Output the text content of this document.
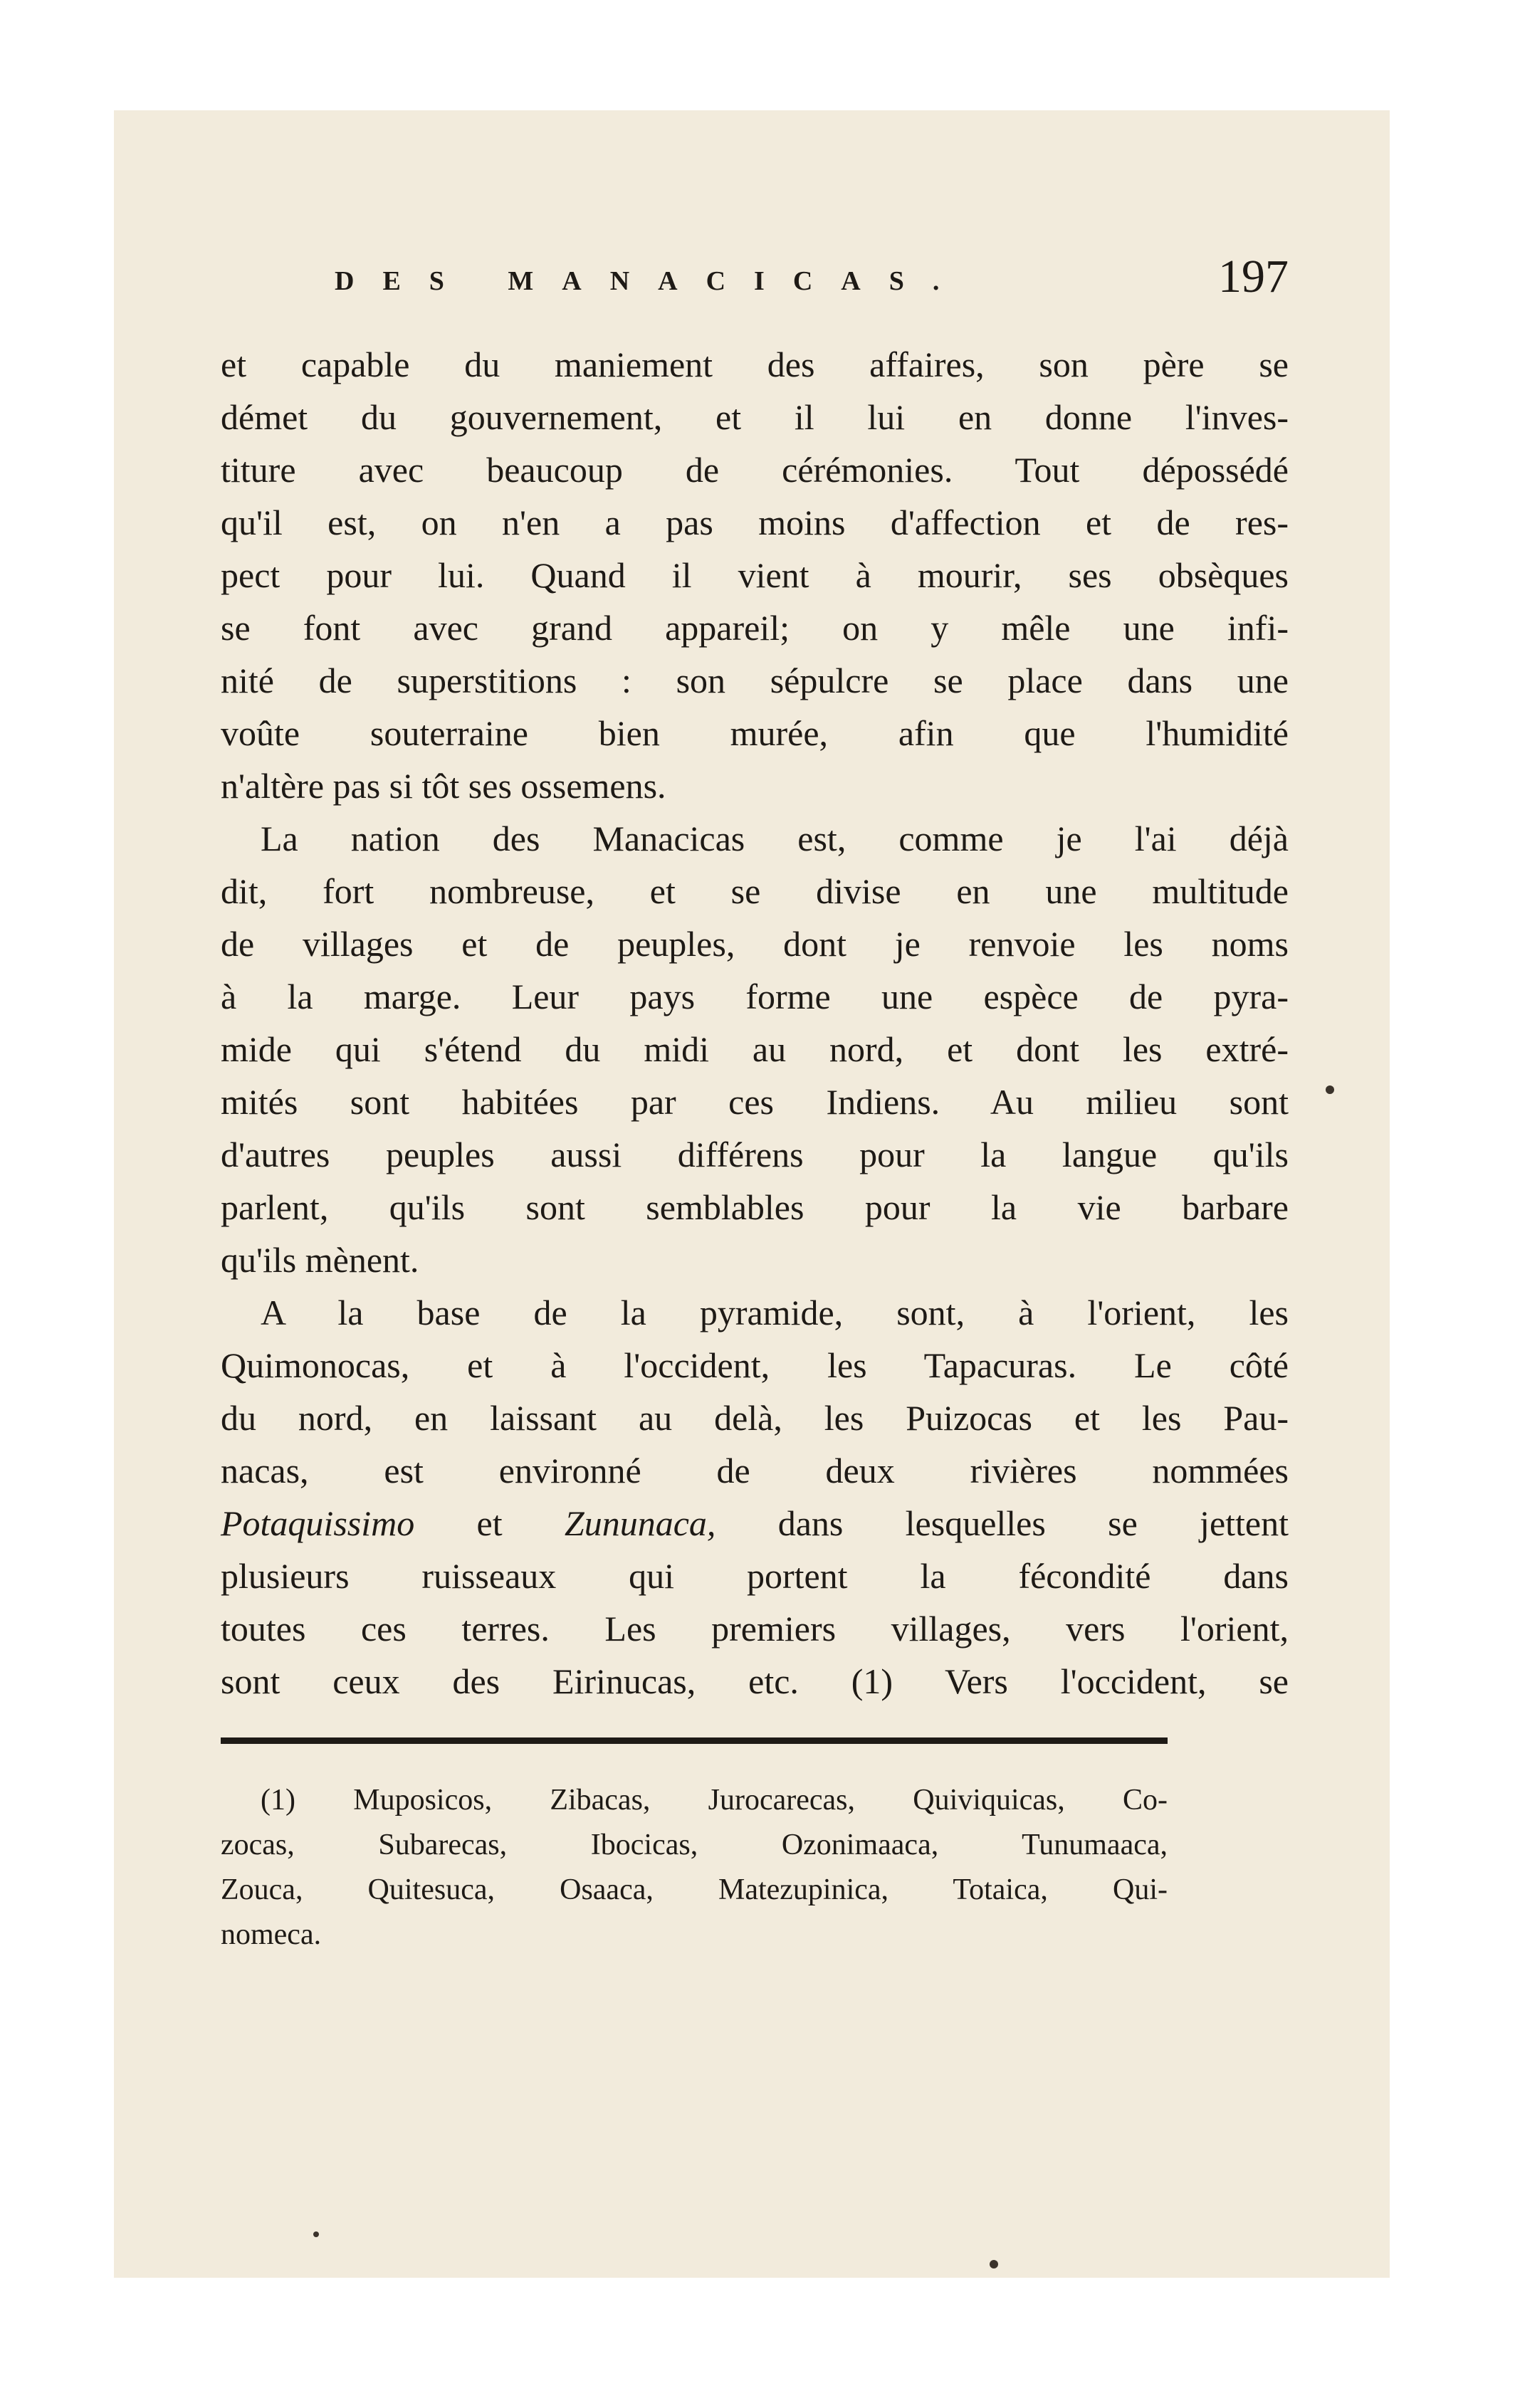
DES MANACICAS.	197

et capable du maniement des affaires, son père se
démet du gouvernement, et il lui en donne l'inves-
titure avec beaucoup de cérémonies. Tout dépossédé
qu'il est, on n'en a pas moins d'affection et de res-
pect pour lui. Quand il vient à mourir, ses obsèques
se font avec grand appareil; on y mêle une infi-
nité de superstitions : son sépulcre se place dans une
voûte souterraine bien murée, afin que l'humidité
n'altère pas si tôt ses ossemens.

La nation des Manacicas est, comme je l'ai déjà
dit, fort nombreuse, et se divise en une multitude
de villages et de peuples, dont je renvoie les noms
à la marge. Leur pays forme une espèce de pyra-
mide qui s'étend du midi au nord, et dont les extré-
mités sont habitées par ces Indiens. Au milieu sont
d'autres peuples aussi différens pour la langue qu'ils
parlent, qu'ils sont semblables pour la vie barbare
qu'ils mènent.

A la base de la pyramide, sont, à l'orient, les
Quimonocas, et à l'occident, les Tapacuras. Le côté
du nord, en laissant au delà, les Puizocas et les Pau-
nacas, est environné de deux rivières nommées
Potaquissimo et Zununaca, dans lesquelles se jettent
plusieurs ruisseaux qui portent la fécondité dans
toutes ces terres. Les premiers villages, vers l'orient,
sont ceux des Eirinucas, etc. (1) Vers l'occident, se

(1) Muposicos, Zibacas, Jurocarecas, Quiviquicas, Co-
zocas, Subarecas, Ibocicas, Ozonimaaca, Tunumaaca,
Zouca, Quitesuca, Osaaca, Matezupinica, Totaica, Qui-
nomeca.
